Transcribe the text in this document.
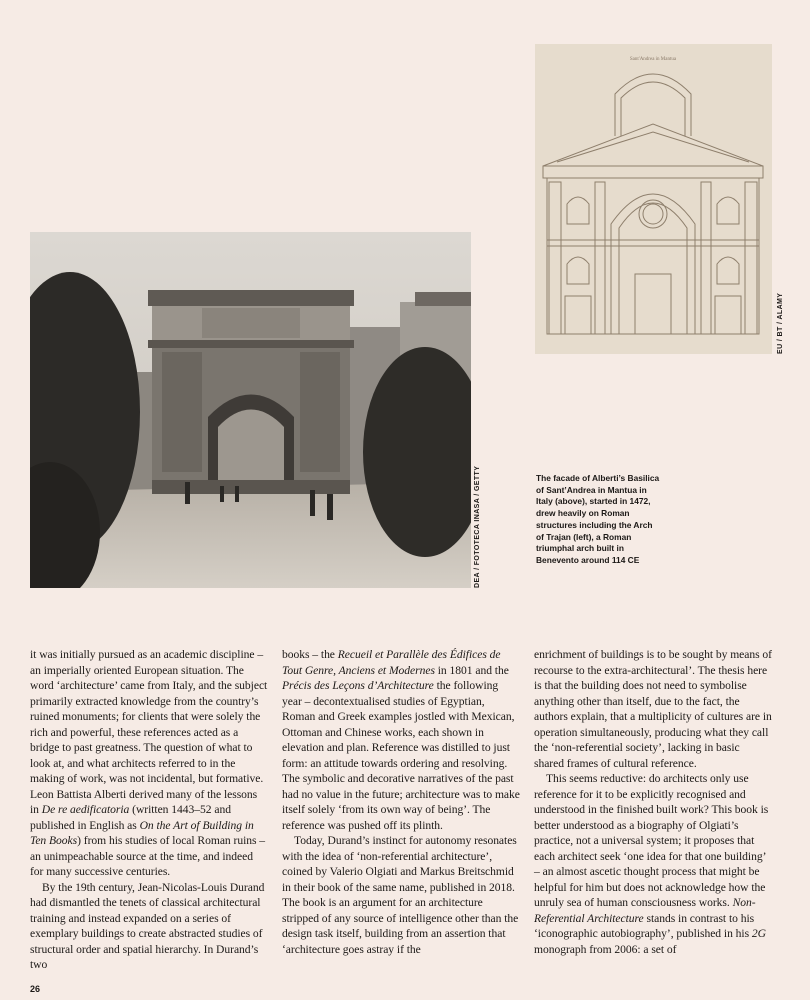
DEA / FOTOTECA INASA / GETTY
Sant'Andrea in Mantua
EU / BT / ALAMY
The facade of Alberti’s Basilica of Sant’Andrea in Mantua in Italy (above), started in 1472, drew heavily on Roman structures including the Arch of Trajan (left), a Roman triumphal arch built in Benevento around 114 CE

it was initially pursued as an academic discipline – an imperially oriented European situation. The word ‘architecture’ came from Italy, and the subject primarily extracted knowledge from the country’s ruined monuments; for clients that were solely the rich and powerful, these references acted as a bridge to past greatness. The question of what to look at, and what architects referred to in the making of work, was not incidental, but formative. Leon Battista Alberti derived many of the lessons in De re aedificatoria (written 1443–52 and published in English as On the Art of Building in Ten Books) from his studies of local Roman ruins – an unimpeachable source at the time, and indeed for many successive centuries.

By the 19th century, Jean-Nicolas-Louis Durand had dismantled the tenets of classical architectural training and instead expanded on a series of exemplary buildings to create abstracted studies of structural order and spatial hierarchy. In Durand’s two

books – the Recueil et Parallèle des Édifices de Tout Genre, Anciens et Modernes in 1801 and the Précis des Leçons d’Architecture the following year – decontextualised studies of Egyptian, Roman and Greek examples jostled with Mexican, Ottoman and Chinese works, each shown in elevation and plan. Reference was distilled to just form: an attitude towards ordering and resolving. The symbolic and decorative narratives of the past had no value in the future; architecture was to make itself solely ‘from its own way of being’. The reference was pushed off its plinth.

Today, Durand’s instinct for autonomy resonates with the idea of ‘non-referential architecture’, coined by Valerio Olgiati and Markus Breitschmid in their book of the same name, published in 2018. The book is an argument for an architecture stripped of any source of intelligence other than the design task itself, building from an assertion that ‘architecture goes astray if the

enrichment of buildings is to be sought by means of recourse to the extra-architectural’. The thesis here is that the building does not need to symbolise anything other than itself, due to the fact, the authors explain, that a multiplicity of cultures are in operation simultaneously, producing what they call the ‘non-referential society’, lacking in basic shared frames of cultural reference.

This seems reductive: do architects only use reference for it to be explicitly recognised and understood in the finished built work? This book is better understood as a biography of Olgiati’s practice, not a universal system; it proposes that each architect seek ‘one idea for that one building’ – an almost ascetic thought process that might be helpful for him but does not acknowledge how the unruly sea of human consciousness works. Non-Referential Architecture stands in contrast to his ‘iconographic autobiography’, published in his 2G monograph from 2006: a set of

26
